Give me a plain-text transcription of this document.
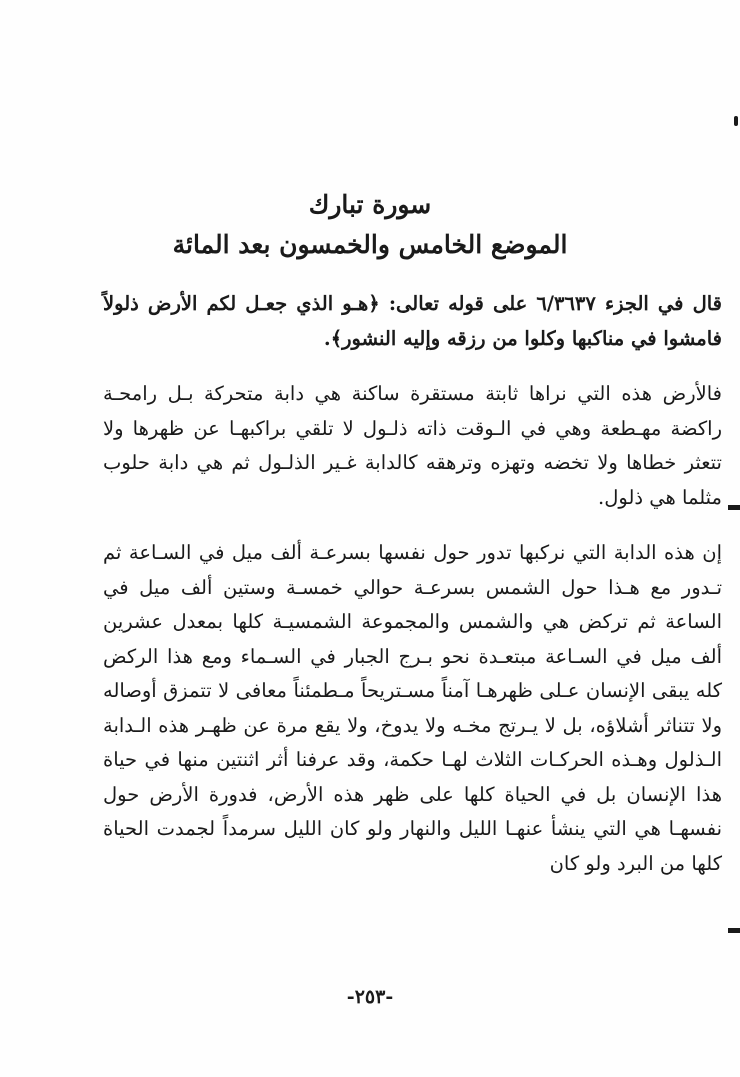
سورة تبارك
الموضع الخامس والخمسون بعد المائة

قال في الجزء ٦/٣٦٣٧ على قوله تعالى: ﴿هـو الذي جعـل لكم الأرض ذلولاً فامشوا في مناكبها وكلوا من رزقه وإليه النشور﴾.

فالأرض هذه التي نراها ثابتة مستقرة ساكنة هي دابة متحركة بـل رامحـة راكضة مهـطعة وهي في الـوقت ذاته ذلـول لا تلقي براكبهـا عن ظهرها ولا تتعثر خطاها ولا تخضه وتهزه وترهقه كالدابة غـير الذلـول ثم هي دابة حلوب مثلما هي ذلول.

إن هذه الدابة التي نركبها تدور حول نفسها بسرعـة ألف ميل في السـاعة ثم تـدور مع هـذا حول الشمس بسرعـة حوالي خمسـة وستين ألف ميل في الساعة ثم تركض هي والشمس والمجموعة الشمسيـة كلها بمعدل عشرين ألف ميل في السـاعة مبتعـدة نحو بـرج الجبار في السـماء ومع هذا الركض كله يبقى الإنسان عـلى ظهرهـا آمناً مسـتريحاً مـطمئناً معافى لا تتمزق أوصاله ولا تتناثر أشلاؤه، بل لا يـرتج مخـه ولا يدوخ، ولا يقع مرة عن ظهـر هذه الـدابة الـذلول وهـذه الحركـات الثلاث لهـا حكمة، وقد عرفنا أثر اثنتين منها في حياة هذا الإنسان بل في الحياة كلها على ظهر هذه الأرض، فدورة الأرض حول نفسهـا هي التي ينشأ عنهـا الليل والنهار ولو كان الليل سرمداً لجمدت الحياة كلها من البرد ولو كان

-٢٥٣-
